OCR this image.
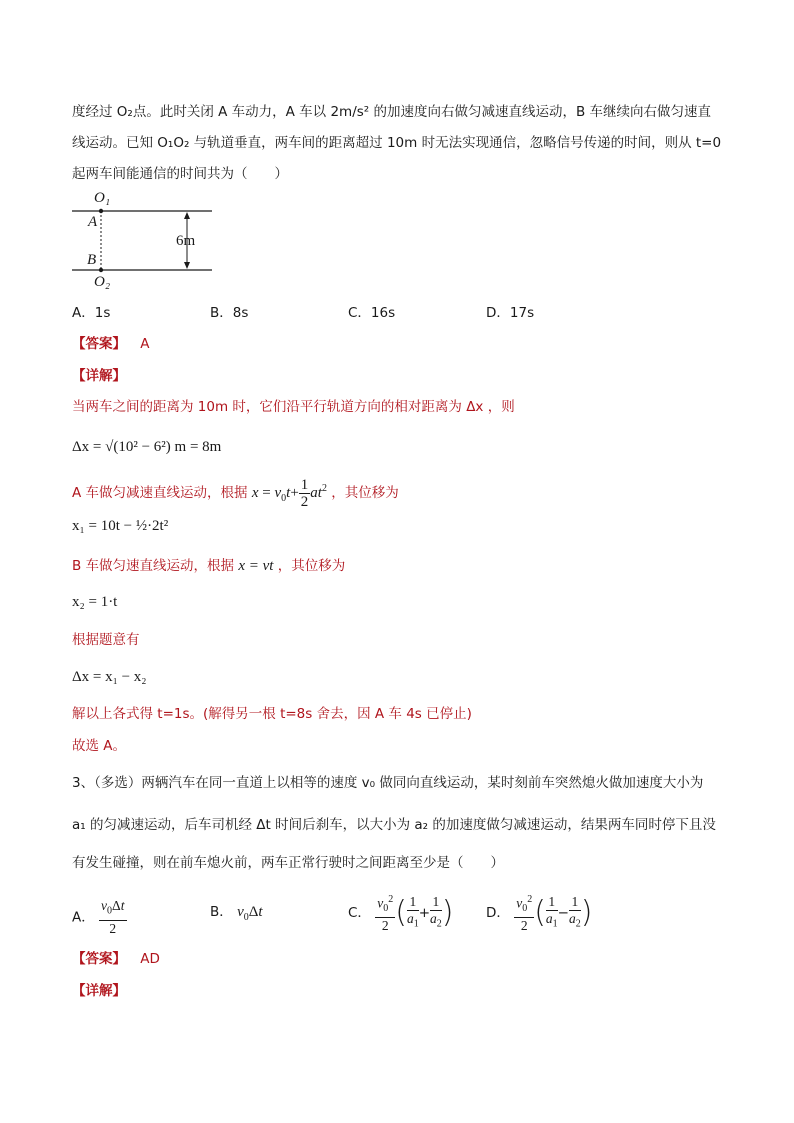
度经过 O₂点。此时关闭 A 车动力，A 车以 2m/s² 的加速度向右做匀减速直线运动，B 车继续向右做匀速直
线运动。已知 O₁O₂ 与轨道垂直，两车间的距离超过 10m 时无法实现通信，忽略信号传递的时间，则从 t=0
起两车间能通信的时间共为（　　）
O₁
A
6m
B
O₂
A．1s	B．8s	C．16s	D．17s
【答案】 A
【详解】
当两车之间的距离为 10m 时，它们沿平行轨道方向的相对距离为 Δx ，则
Δx = √(10² − 6²) m = 8m
A 车做匀减速直线运动，根据 $x = v_0t+ \frac{1}{2} at^2$ ，其位移为
x₁ = 10t − ½·2t²
B 车做匀速直线运动，根据 x = vt ，其位移为
x₂ = 1·t
根据题意有
Δx = x₁ − x₂
解以上各式得 t=1s。(解得另一根 t=8s 舍去，因 A 车 4s 已停止)
故选 A。
3、（多选）两辆汽车在同一直道上以相等的速度 v₀ 做同向直线运动，某时刻前车突然熄火做加速度大小为
a₁ 的匀减速运动，后车司机经 Δt 时间后刹车，以大小为 a₂ 的加速度做匀减速运动，结果两车同时停下且没
有发生碰撞，则在前车熄火前，两车正常行驶时之间距离至少是（　　）
A． $\frac{v_0\Delta t}{2}$	B． $v_0\Delta t$	C． $\frac{v_0^2}{2}$ ( $\frac{1}{a_1} + \frac{1}{a_2}$ ) D． $\frac{v_0^2}{2}$ ( $\frac{1}{a_1} - \frac{1}{a_2}$ )
【答案】 AD
【详解】
